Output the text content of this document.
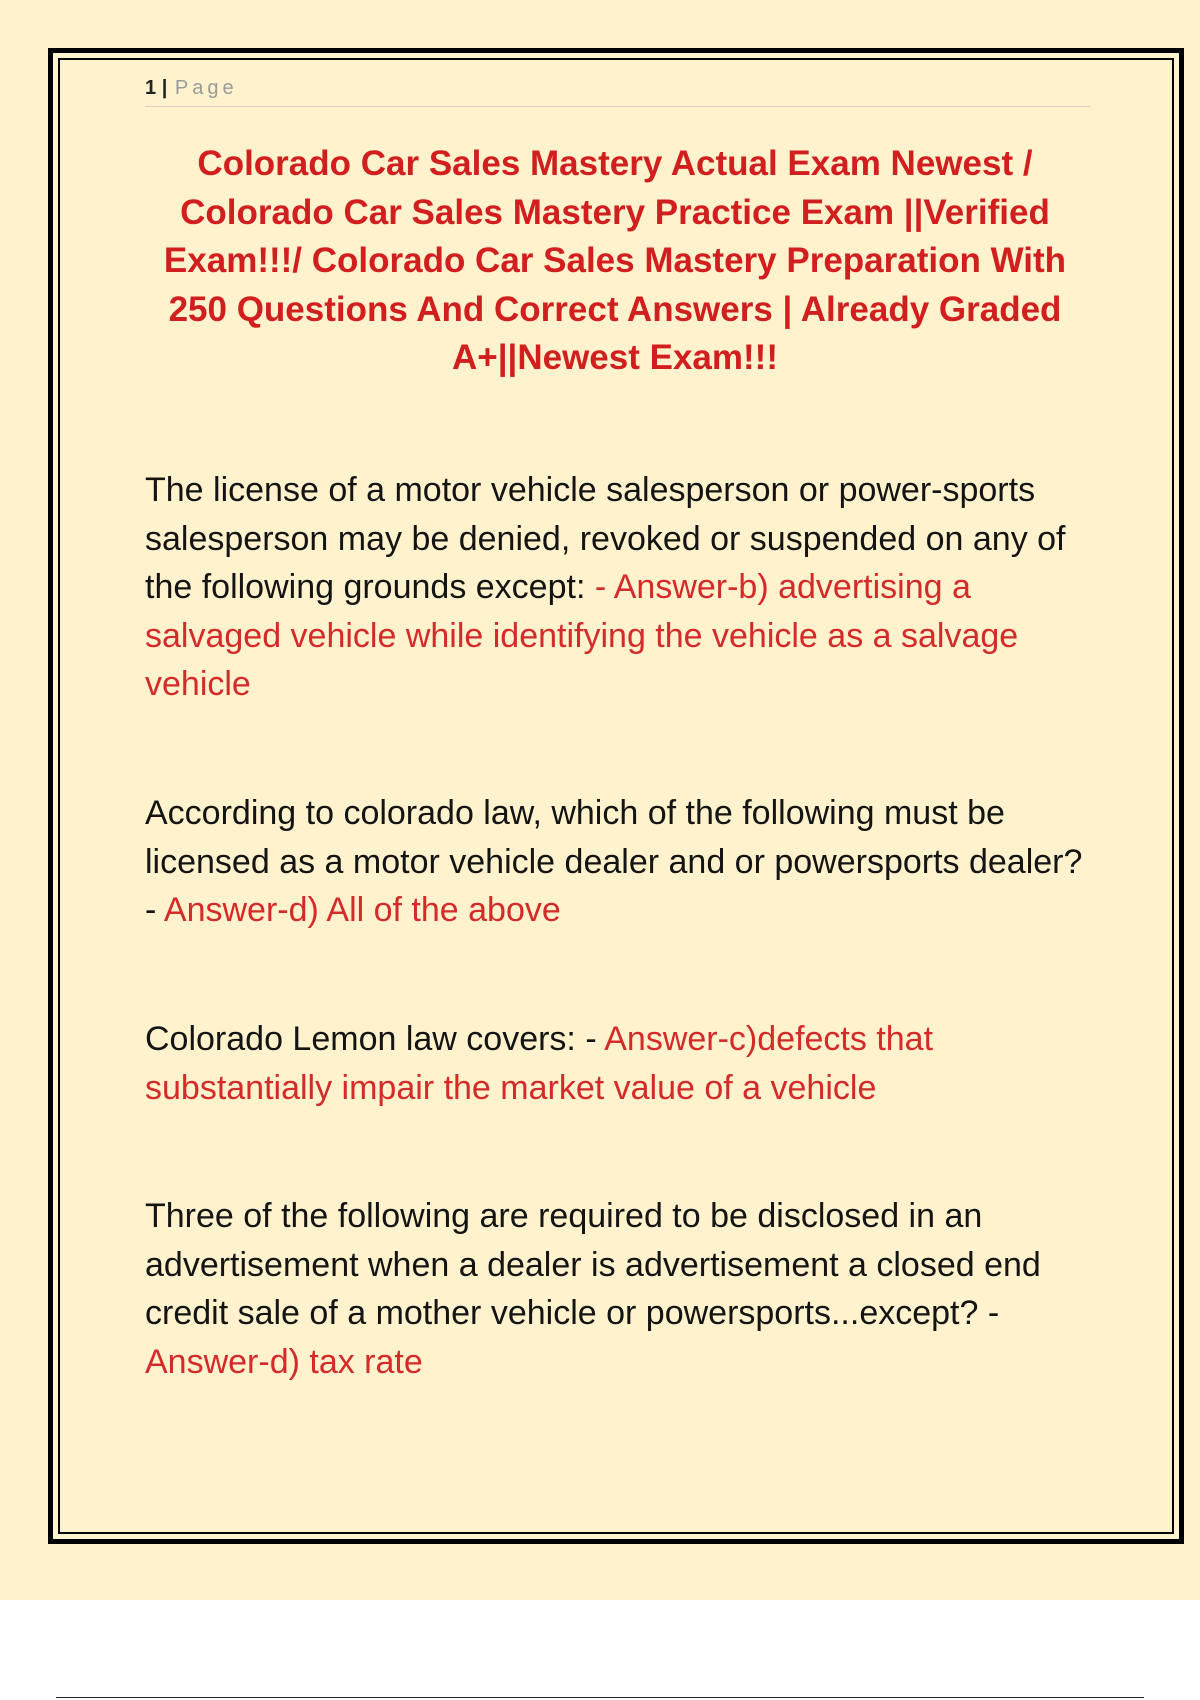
1 | Page
Colorado Car Sales Mastery Actual Exam Newest / Colorado Car Sales Mastery Practice Exam ||Verified Exam!!!/ Colorado Car Sales Mastery Preparation With 250 Questions And Correct Answers | Already Graded A+||Newest Exam!!!

The license of a motor vehicle salesperson or power-sports salesperson may be denied, revoked or suspended on any of the following grounds except: - Answer-b) advertising a salvaged vehicle while identifying the vehicle as a salvage vehicle

According to colorado law, which of the following must be licensed as a motor vehicle dealer and or powersports dealer? - Answer-d) All of the above

Colorado Lemon law covers: - Answer-c)defects that substantially impair the market value of a vehicle

Three of the following are required to be disclosed in an advertisement when a dealer is advertisement a closed end credit sale of a mother vehicle or powersports...except? - Answer-d) tax rate
